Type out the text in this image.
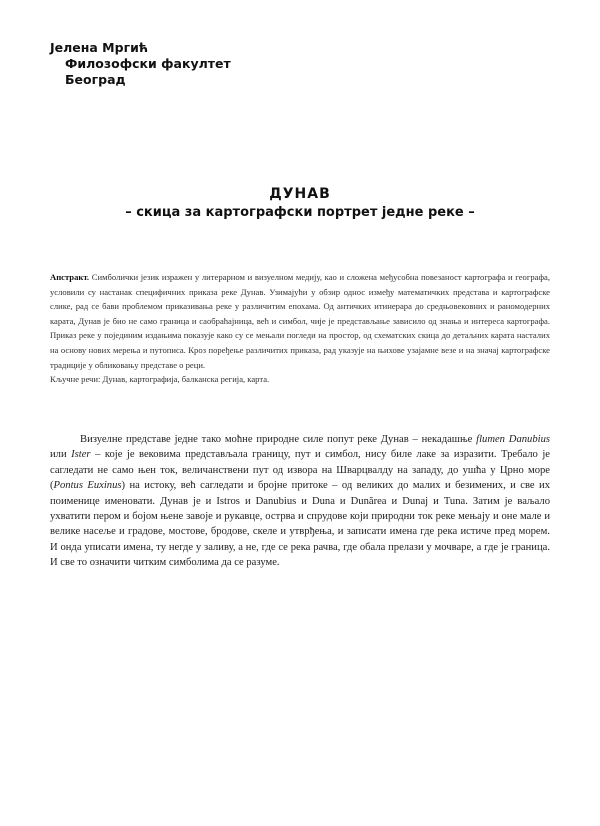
Јелена Мргић
Филозофски факултет
Београд
ДУНАВ
– скица за картографски портрет једне реке –

Апстракт. Симболички језик изражен у литерарном и визуелном медију, као и сложена међусобна повезаност картографа и географа, условили су настанак специфичних приказа реке Дунав. Узимајући у обзир однос између математичких представа и картографске слике, рад се бави проблемом приказивања реке у различитим епохама. Од античких итинерара до средњовековних и раномодерних карата, Дунав је био не само граница и саобраћајница, већ и симбол, чије је представљање зависило од знања и интереса картографа. Приказ реке у појединим издањима показује како су се мењали погледи на простор, од схематских скица до детаљних карата насталих на основу нових мерења и путописа. Кроз поређење различитих приказа, рад указује на њихове узајамне везе и на значај картографске традиције у обликовању представе о реци.

Кључне речи: Дунав, картографија, балканска регија, карта.

Визуелне представе једне тако моћне природне силе попут реке Дунав – некадашње flumen Danubius или Ister – које је вековима представљала границу, пут и симбол, нису биле лаке за изразити. Требало је сагледати не само њен ток, величанствени пут од извора на Шварцвалду на западу, до ушћа у Црно море (Pontus Euxinus) на истоку, већ сагледати и бројне притоке – од великих до малих и безимених, и све их поименице именовати. Дунав је и Istros и Danubius и Duna и Dunărea и Dunaj и Tuna. Затим је ваљало ухватити пером и бојом њене завоје и рукавце, острва и спрудове који природни ток реке мењају и оне мале и велике насеље и градове, мостове, бродове, скеле и утврђења, и записати имена где река истиче пред морем. И онда уписати имена, ту негде у заливу, а не, где се река рачва, где обала прелази у мочваре, а где је граница. И све то означити читким симболима да се разуме.
